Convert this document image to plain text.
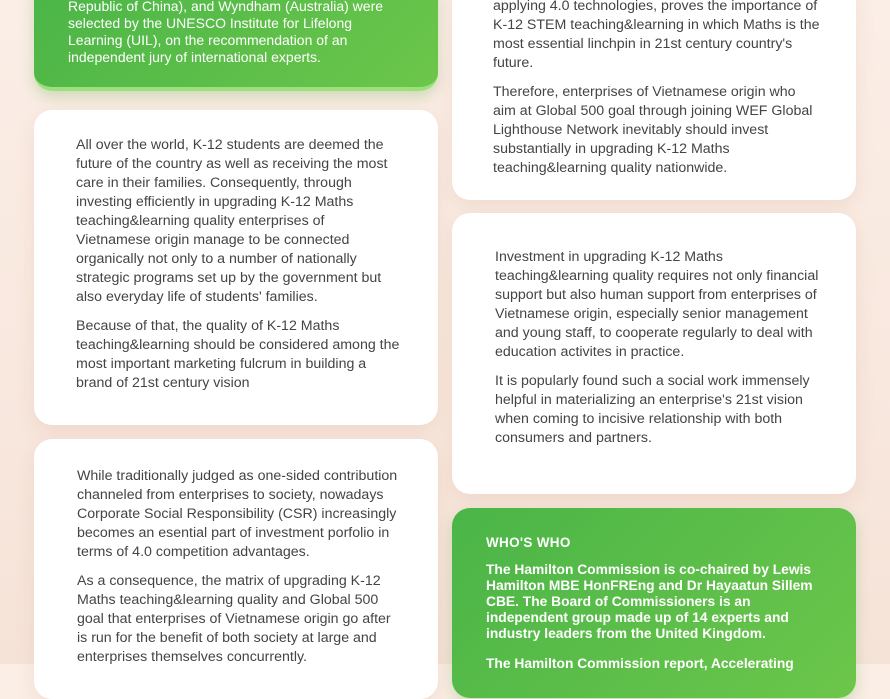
Republic of China), and Wyndham (Australia) were selected by the UNESCO Institute for Lifelong Learning (UIL), on the recommendation of an independent jury of international experts.

applying 4.0 technologies, proves the importance of K-12 STEM teaching&learning in which Maths is the most essential linchpin in 21st century country's future.

Therefore, enterprises of Vietnamese origin who aim at Global 500 goal through joining WEF Global Lighthouse Network inevitably should invest substantially in upgrading K-12 Maths teaching&learning quality nationwide.

All over the world, K-12 students are deemed the future of the country as well as receiving the most care in their families. Consequently, through investing efficiently in upgrading K-12 Maths teaching&learning quality enterprises of Vietnamese origin manage to be connected organically not only to a number of nationally strategic programs set up by the government but also everyday life of students' families.

Because of that, the quality of K-12 Maths teaching&learning should be considered among the most important marketing fulcrum in building a brand of 21st century vision

Investment in upgrading K-12 Maths teaching&learning quality requires not only financial support but also human support from enterprises of Vietnamese origin, especially senior management and young staff, to cooperate regularly to deal with education activites in practice.

It is popularly found such a social work immensely helpful in materializing an enterprise's 21st vision when coming to incisive relationship with both consumers and partners.

While traditionally judged as one-sided contribution channeled from enterprises to society, nowadays Corporate Social Responsibility (CSR) increasingly becomes an esential part of investment porfolio in terms of 4.0 competition advantages.

As a consequence, the matrix of upgrading K-12 Maths teaching&learning quality and Global 500 goal that enterprises of Vietnamese origin go after is run for the benefit of both society at large and enterprises themselves concurrently.

WHO'S WHO

The Hamilton Commission is co-chaired by Lewis Hamilton MBE HonFREng and Dr Hayaatun Sillem CBE. The Board of Commissioners is an independent group made up of 14 experts and industry leaders from the United Kingdom.

The Hamilton Commission report, Accelerating
